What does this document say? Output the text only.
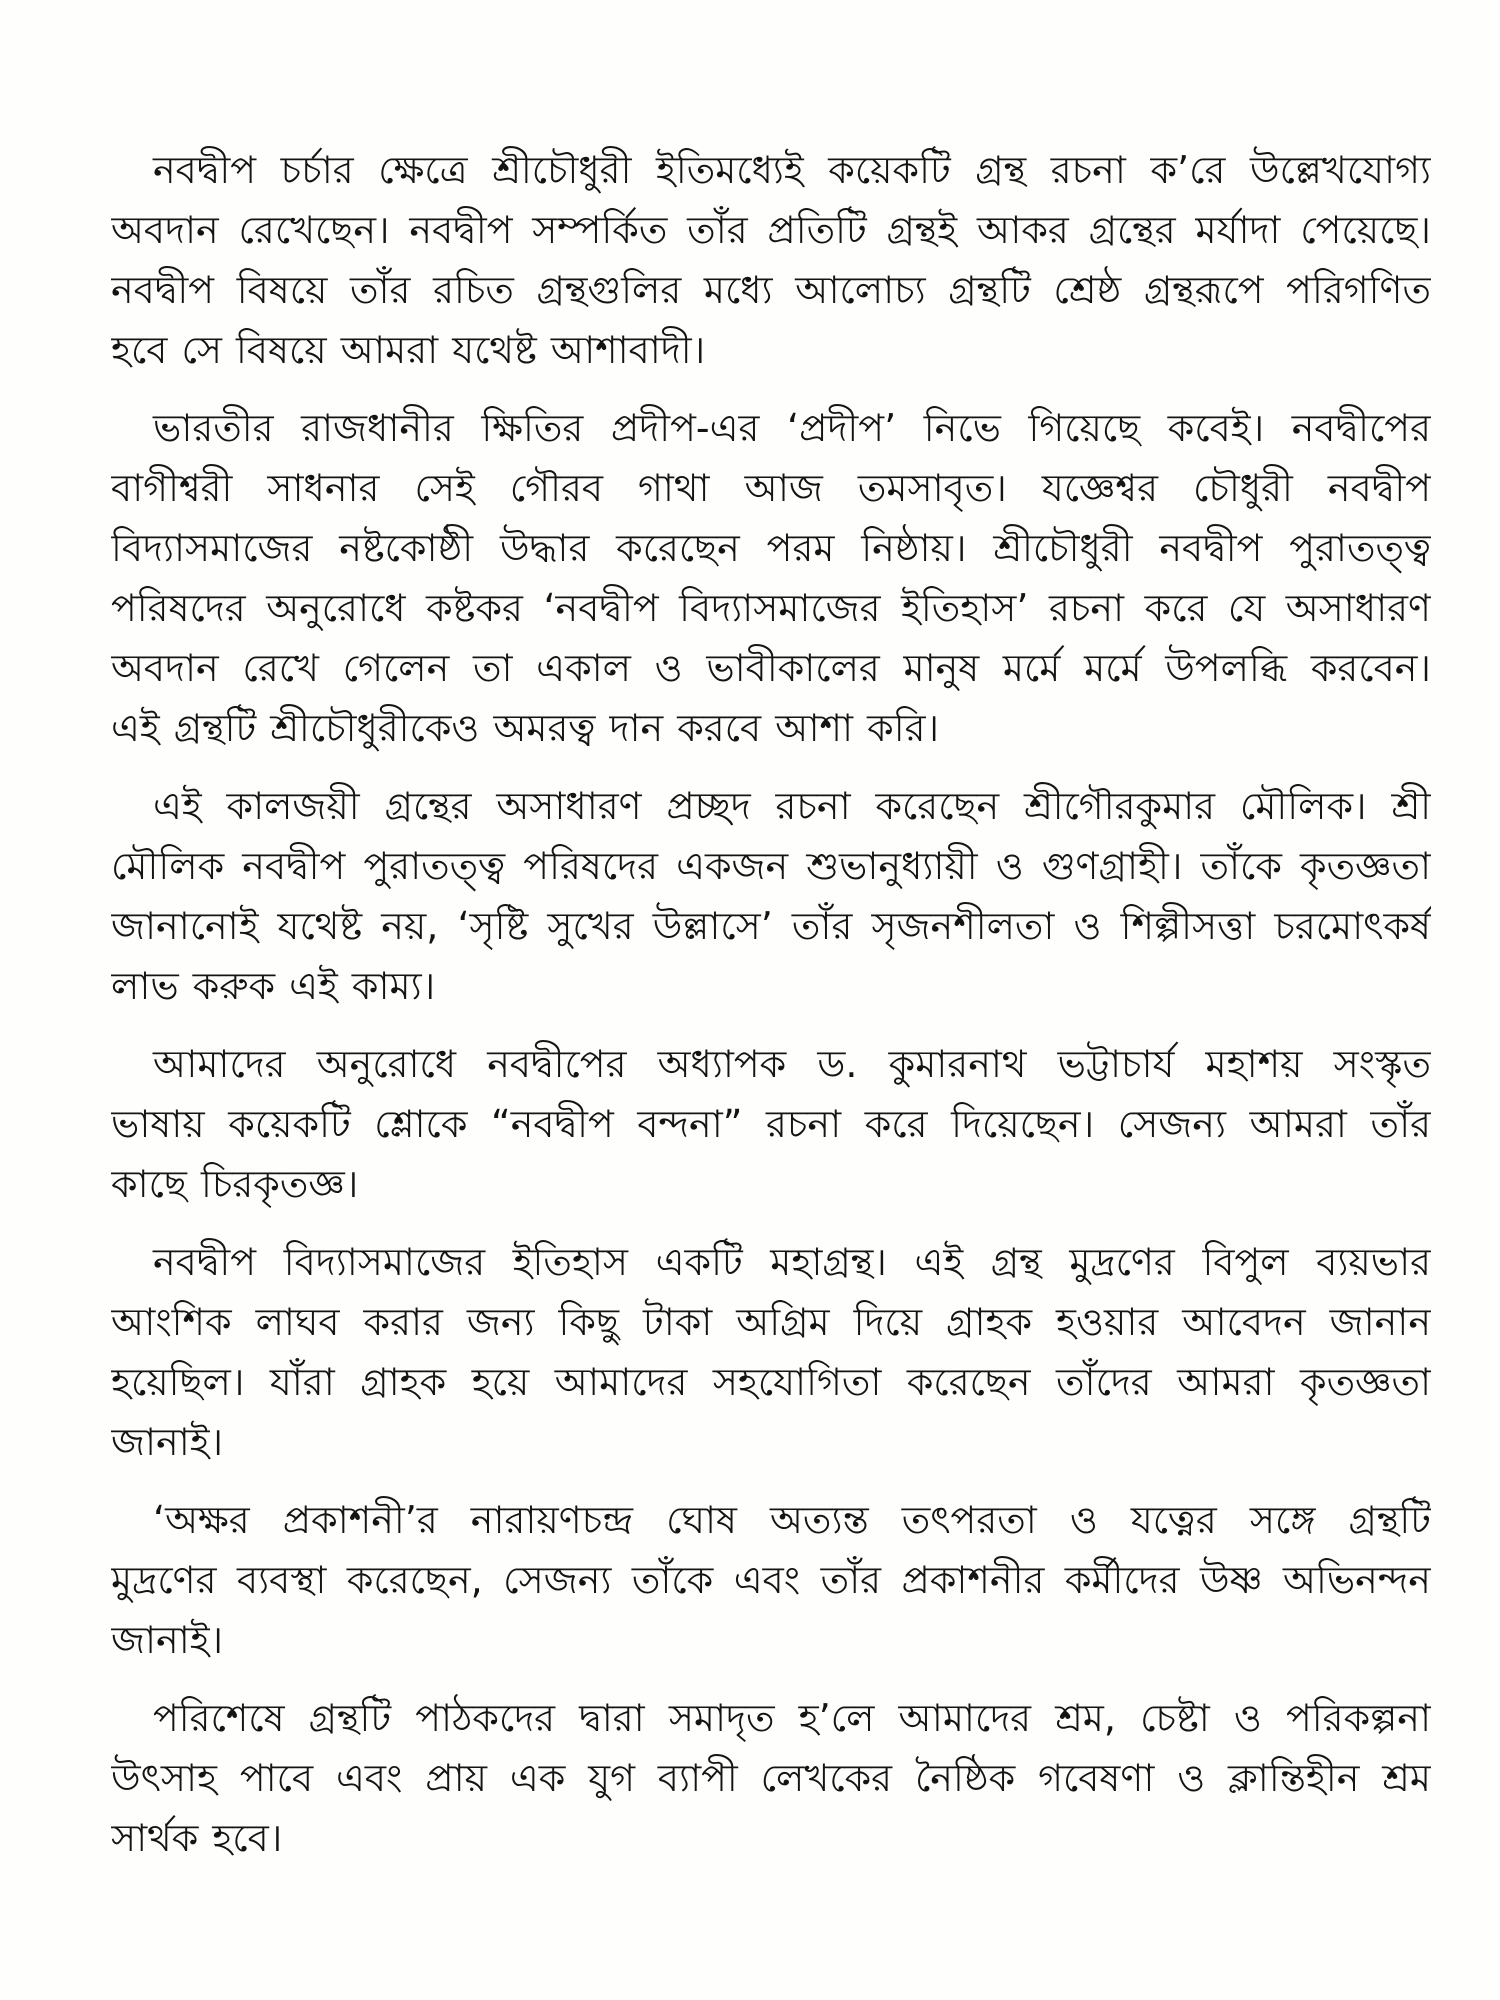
নবদ্বীপ চর্চার ক্ষেত্রে শ্রীচৌধুরী ইতিমধ্যেই কয়েকটি গ্রন্থ রচনা ক’রে উল্লেখযোগ্য
অবদান রেখেছেন। নবদ্বীপ সম্পর্কিত তাঁর প্রতিটি গ্রন্থই আকর গ্রন্থের মর্যাদা পেয়েছে।
নবদ্বীপ বিষয়ে তাঁর রচিত গ্রন্থগুলির মধ্যে আলোচ্য গ্রন্থটি শ্রেষ্ঠ গ্রন্থরূপে পরিগণিত
হবে সে বিষয়ে আমরা যথেষ্ট আশাবাদী।
ভারতীর রাজধানীর ক্ষিতির প্রদীপ-এর ‘প্রদীপ’ নিভে গিয়েছে কবেই। নবদ্বীপের
বাগীশ্বরী সাধনার সেই গৌরব গাথা আজ তমসাবৃত। যজ্ঞেশ্বর চৌধুরী নবদ্বীপ
বিদ্যাসমাজের নষ্টকোষ্ঠী উদ্ধার করেছেন পরম নিষ্ঠায়। শ্রীচৌধুরী নবদ্বীপ পুরাতত্ত্ব
পরিষদের অনুরোধে কষ্টকর ‘নবদ্বীপ বিদ্যাসমাজের ইতিহাস’ রচনা করে যে অসাধারণ
অবদান রেখে গেলেন তা একাল ও ভাবীকালের মানুষ মর্মে মর্মে উপলব্ধি করবেন।
এই গ্রন্থটি শ্রীচৌধুরীকেও অমরত্ব দান করবে আশা করি।
এই কালজয়ী গ্রন্থের অসাধারণ প্রচ্ছদ রচনা করেছেন শ্রীগৌরকুমার মৌলিক। শ্রী
মৌলিক নবদ্বীপ পুরাতত্ত্ব পরিষদের একজন শুভানুধ্যায়ী ও গুণগ্রাহী। তাঁকে কৃতজ্ঞতা
জানানোই যথেষ্ট নয়, ‘সৃষ্টি সুখের উল্লাসে’ তাঁর সৃজনশীলতা ও শিল্পীসত্তা চরমোৎকর্ষ
লাভ করুক এই কাম্য।
আমাদের অনুরোধে নবদ্বীপের অধ্যাপক ড. কুমারনাথ ভট্টাচার্য মহাশয় সংস্কৃত
ভাষায় কয়েকটি শ্লোকে “নবদ্বীপ বন্দনা” রচনা করে দিয়েছেন। সেজন্য আমরা তাঁর
কাছে চিরকৃতজ্ঞ।
নবদ্বীপ বিদ্যাসমাজের ইতিহাস একটি মহাগ্রন্থ। এই গ্রন্থ মুদ্রণের বিপুল ব্যয়ভার
আংশিক লাঘব করার জন্য কিছু টাকা অগ্রিম দিয়ে গ্রাহক হওয়ার আবেদন জানান
হয়েছিল। যাঁরা গ্রাহক হয়ে আমাদের সহযোগিতা করেছেন তাঁদের আমরা কৃতজ্ঞতা
জানাই।
‘অক্ষর প্রকাশনী’র নারায়ণচন্দ্র ঘোষ অত্যন্ত তৎপরতা ও যত্নের সঙ্গে গ্রন্থটি
মুদ্রণের ব্যবস্থা করেছেন, সেজন্য তাঁকে এবং তাঁর প্রকাশনীর কর্মীদের উষ্ণ অভিনন্দন
জানাই।
পরিশেষে গ্রন্থটি পাঠকদের দ্বারা সমাদৃত হ’লে আমাদের শ্রম, চেষ্টা ও পরিকল্পনা
উৎসাহ পাবে এবং প্রায় এক যুগ ব্যাপী লেখকের নৈষ্ঠিক গবেষণা ও ক্লান্তিহীন শ্রম
সার্থক হবে।
